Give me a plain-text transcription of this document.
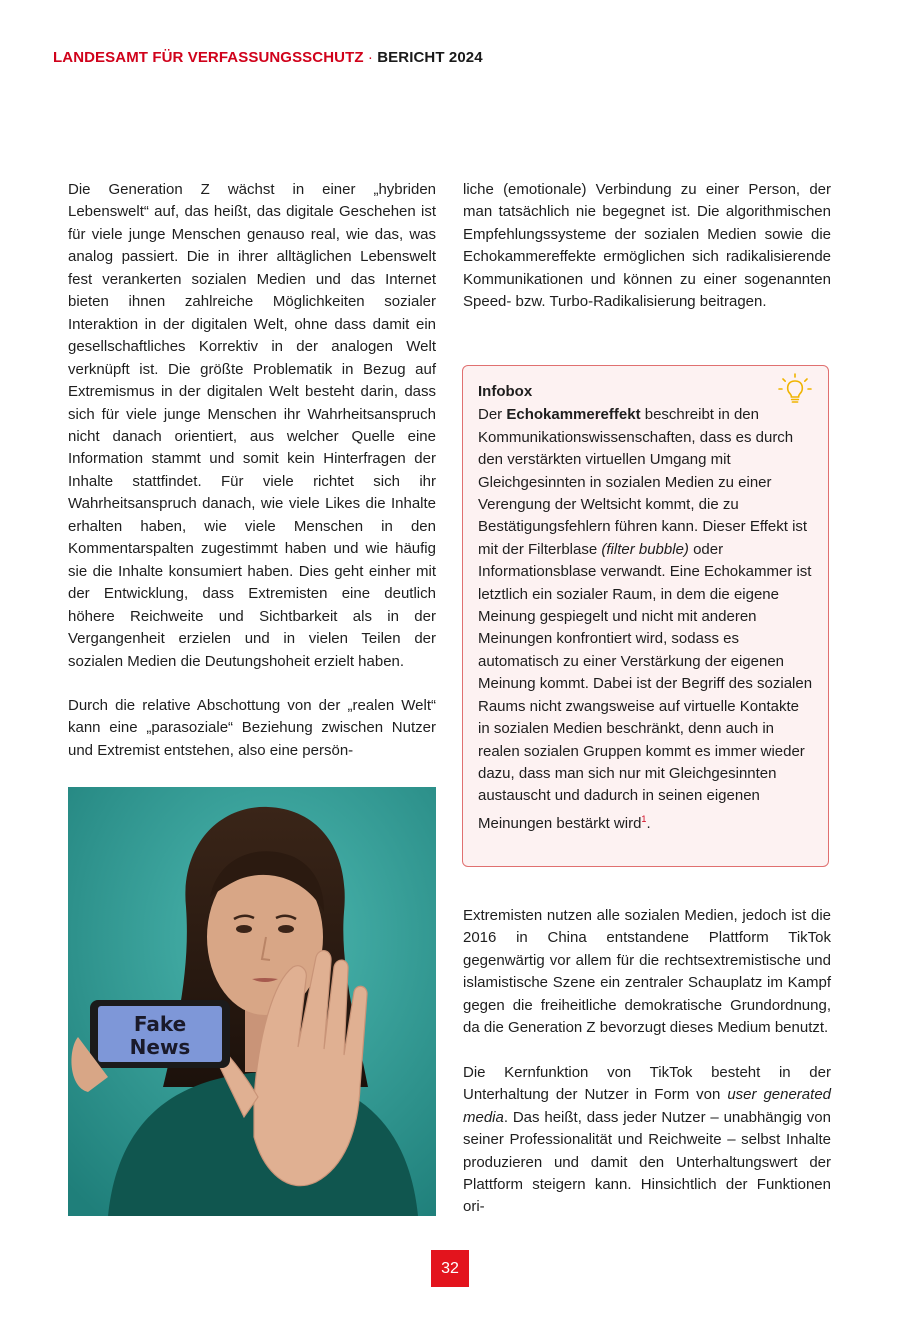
LANDESAMT FÜR VERFASSUNGSSCHUTZ · BERICHT 2024

Die Generation Z wächst in einer „hybriden Lebenswelt“ auf, das heißt, das digitale Geschehen ist für viele junge Menschen genauso real, wie das, was analog passiert. Die in ihrer alltäglichen Lebenswelt fest verankerten sozialen Medien und das Internet bieten ihnen zahlreiche Möglichkeiten sozialer Interaktion in der digitalen Welt, ohne dass damit ein gesellschaftliches Korrektiv in der analogen Welt verknüpft ist. Die größte Problematik in Bezug auf Extremismus in der digitalen Welt besteht darin, dass sich für viele junge Menschen ihr Wahrheitsanspruch nicht danach orientiert, aus welcher Quelle eine Information stammt und somit kein Hinterfragen der Inhalte stattfindet. Für viele richtet sich ihr Wahrheitsanspruch danach, wie viele Likes die Inhalte erhalten haben, wie viele Menschen in den Kommentarspalten zugestimmt haben und wie häufig sie die Inhalte konsumiert haben. Dies geht einher mit der Entwicklung, dass Extremisten eine deutlich höhere Reichweite und Sichtbarkeit als in der Vergangenheit erzielen und in vielen Teilen der sozialen Medien die Deutungshoheit erzielt haben.

Durch die relative Abschottung von der „realen Welt“ kann eine „parasoziale“ Beziehung zwischen Nutzer und Extremist entstehen, also eine persön-

liche (emotionale) Verbindung zu einer Person, der man tatsächlich nie begegnet ist. Die algorithmischen Empfehlungssysteme der sozialen Medien sowie die Echokammereffekte ermöglichen sich radikalisierende Kommunikationen und können zu einer sogenannten Speed- bzw. Turbo-Radikalisierung beitragen.

Infobox

Der Echokammereffekt beschreibt in den Kommunikationswissenschaften, dass es durch den verstärkten virtuellen Umgang mit Gleichgesinnten in sozialen Medien zu einer Verengung der Weltsicht kommt, die zu Bestätigungsfehlern führen kann. Dieser Effekt ist mit der Filterblase (filter bubble) oder Informationsblase verwandt. Eine Echokammer ist letztlich ein sozialer Raum, in dem die eigene Meinung gespiegelt und nicht mit anderen Meinungen konfrontiert wird, sodass es automatisch zu einer Verstärkung der eigenen Meinung kommt. Dabei ist der Begriff des sozialen Raums nicht zwangsweise auf virtuelle Kontakte in sozialen Medien beschränkt, denn auch in realen sozialen Gruppen kommt es immer wieder dazu, dass man sich nur mit Gleichgesinnten austauscht und dadurch in seinen eigenen Meinungen bestärkt wird$^1$.

Fake
News

Extremisten nutzen alle sozialen Medien, jedoch ist die 2016 in China entstandene Plattform TikTok gegenwärtig vor allem für die rechtsextremistische und islamistische Szene ein zentraler Schauplatz im Kampf gegen die freiheitliche demokratische Grundordnung, da die Generation Z bevorzugt dieses Medium benutzt.

Die Kernfunktion von TikTok besteht in der Unterhaltung der Nutzer in Form von user generated media. Das heißt, dass jeder Nutzer – unabhängig von seiner Professionalität und Reichweite – selbst Inhalte produzieren und damit den Unterhaltungswert der Plattform steigern kann. Hinsichtlich der Funktionen ori-

32
